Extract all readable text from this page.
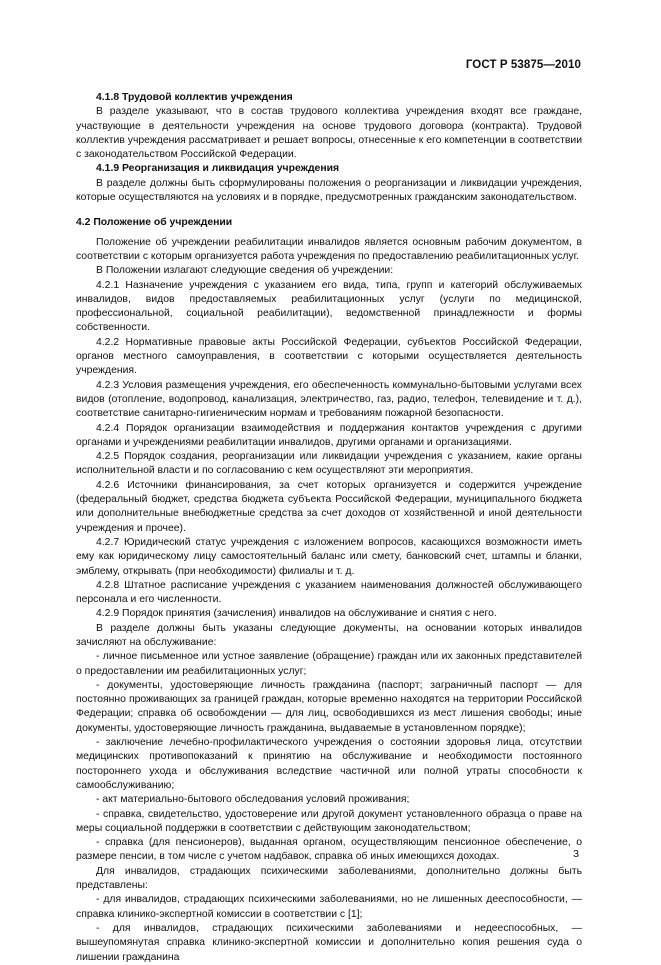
ГОСТ Р 53875—2010

4.1.8 Трудовой коллектив учреждения

В разделе указывают, что в состав трудового коллектива учреждения входят все граждане, участвующие в деятельности учреждения на основе трудового договора (контракта). Трудовой коллектив учреждения рассматривает и решает вопросы, отнесенные к его компетенции в соответствии с законодательством Российской Федерации.

4.1.9 Реорганизация и ликвидация учреждения

В разделе должны быть сформулированы положения о реорганизации и ликвидации учреждения, которые осуществляются на условиях и в порядке, предусмотренных гражданским законодательством.

4.2 Положение об учреждении

Положение об учреждении реабилитации инвалидов является основным рабочим документом, в соответствии с которым организуется работа учреждения по предоставлению реабилитационных услуг.

В Положении излагают следующие сведения об учреждении:

4.2.1 Назначение учреждения с указанием его вида, типа, групп и категорий обслуживаемых инвалидов, видов предоставляемых реабилитационных услуг (услуги по медицинской, профессиональной, социальной реабилитации), ведомственной принадлежности и формы собственности.

4.2.2 Нормативные правовые акты Российской Федерации, субъектов Российской Федерации, органов местного самоуправления, в соответствии с которыми осуществляется деятельность учреждения.

4.2.3 Условия размещения учреждения, его обеспеченность коммунально-бытовыми услугами всех видов (отопление, водопровод, канализация, электричество, газ, радио, телефон, телевидение и т. д.), соответствие санитарно-гигиеническим нормам и требованиям пожарной безопасности.

4.2.4 Порядок организации взаимодействия и поддержания контактов учреждения с другими органами и учреждениями реабилитации инвалидов, другими органами и организациями.

4.2.5 Порядок создания, реорганизации или ликвидации учреждения с указанием, какие органы исполнительной власти и по согласованию с кем осуществляют эти мероприятия.

4.2.6 Источники финансирования, за счет которых организуется и содержится учреждение (федеральный бюджет, средства бюджета субъекта Российской Федерации, муниципального бюджета или дополнительные внебюджетные средства за счет доходов от хозяйственной и иной деятельности учреждения и прочее).

4.2.7 Юридический статус учреждения с изложением вопросов, касающихся возможности иметь ему как юридическому лицу самостоятельный баланс или смету, банковский счет, штампы и бланки, эмблему, открывать (при необходимости) филиалы и т. д.

4.2.8 Штатное расписание учреждения с указанием наименования должностей обслуживающего персонала и его численности.

4.2.9 Порядок принятия (зачисления) инвалидов на обслуживание и снятия с него.

В разделе должны быть указаны следующие документы, на основании которых инвалидов зачисляют на обслуживание:

- личное письменное или устное заявление (обращение) граждан или их законных представителей о предоставлении им реабилитационных услуг;

- документы, удостоверяющие личность гражданина (паспорт; заграничный паспорт — для постоянно проживающих за границей граждан, которые временно находятся на территории Российской Федерации; справка об освобождении — для лиц, освободившихся из мест лишения свободы; иные документы, удостоверяющие личность гражданина, выдаваемые в установленном порядке);

- заключение лечебно-профилактического учреждения о состоянии здоровья лица, отсутствии медицинских противопоказаний к принятию на обслуживание и необходимости постоянного постороннего ухода и обслуживания вследствие частичной или полной утраты способности к самообслуживанию;

- акт материально-бытового обследования условий проживания;

- справка, свидетельство, удостоверение или другой документ установленного образца о праве на меры социальной поддержки в соответствии с действующим законодательством;

- справка (для пенсионеров), выданная органом, осуществляющим пенсионное обеспечение, о размере пенсии, в том числе с учетом надбавок, справка об иных имеющихся доходах.

Для инвалидов, страдающих психическими заболеваниями, дополнительно должны быть представлены:

- для инвалидов, страдающих психическими заболеваниями, но не лишенных дееспособности, — справка клинико-экспертной комиссии в соответствии с [1];

- для инвалидов, страдающих психическими заболеваниями и недееспособных, — вышеупомянутая справка клинико-экспертной комиссии и дополнительно копия решения суда о лишении гражданина

3
